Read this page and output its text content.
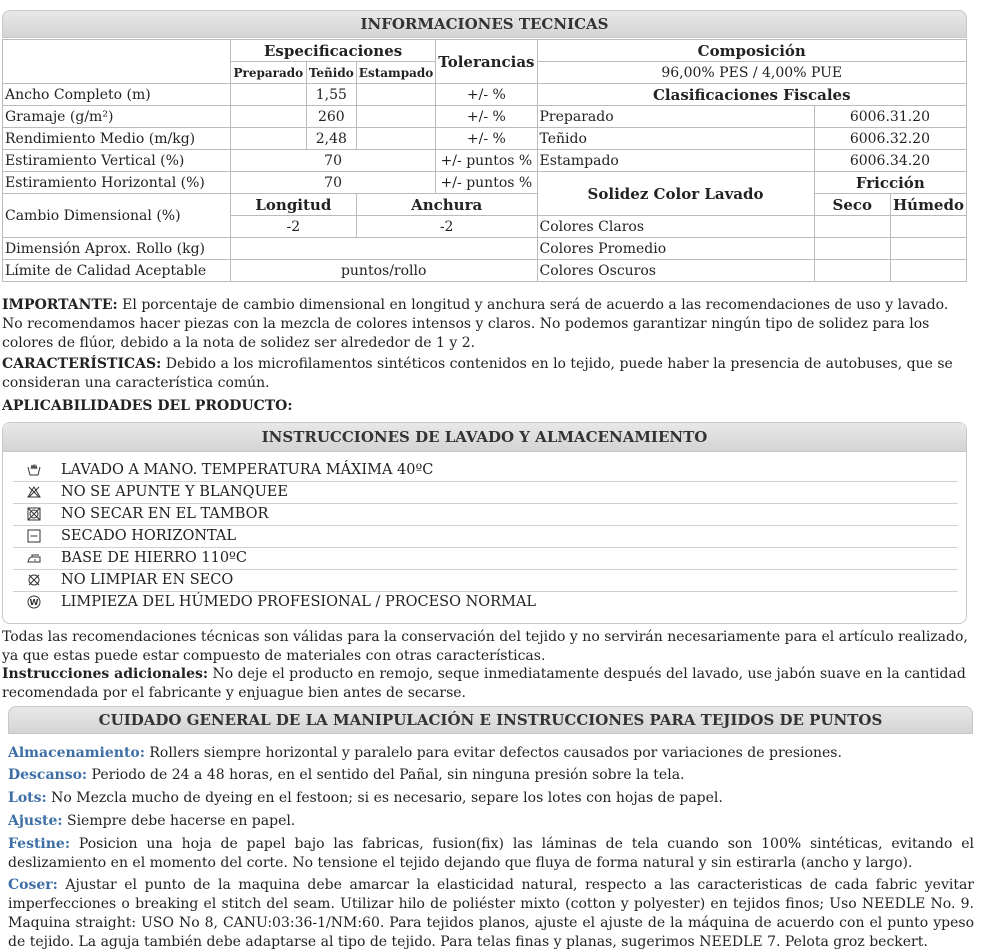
INFORMACIONES TECNICAS
	Especificaciones			Tolerancias	Composición		
	Preparado	Teñido	Estampado		96,00% PES / 4,00% PUE		
Ancho Completo (m)		1,55		+/- %	Clasificaciones Fiscales		
Gramaje (g/m²)		260		+/- %	Preparado	6006.31.20	
Rendimiento Medio (m/kg)		2,48		+/- %	Teñido	6006.32.20	
Estiramiento Vertical (%)	70			+/- puntos %	Estampado	6006.34.20	
Estiramiento Horizontal (%)	70			+/- puntos %	Solidez Color Lavado	Fricción	
Cambio Dimensional (%)	Longitud		Anchura			Seco	Húmedo
	-2		-2		Colores Claros		
Dimensión Aprox. Rollo (kg)					Colores Promedio		
Límite de Calidad Aceptable	puntos/rollo				Colores Oscuros		
IMPORTANTE: El porcentaje de cambio dimensional en longitud y anchura será de acuerdo a las recomendaciones de uso y lavado. No recomendamos hacer piezas con la mezcla de colores intensos y claros. No podemos garantizar ningún tipo de solidez para los colores de flúor, debido a la nota de solidez ser alrededor de 1 y 2.
CARACTERÍSTICAS: Debido a los microfilamentos sintéticos contenidos en lo tejido, puede haber la presencia de autobuses, que se consideran una característica común.
APLICABILIDADES DEL PRODUCTO:
INSTRUCCIONES DE LAVADO Y ALMACENAMIENTO
LAVADO A MANO. TEMPERATURA MÁXIMA 40ºC
NO SE APUNTE Y BLANQUEE
NO SECAR EN EL TAMBOR
SECADO HORIZONTAL
BASE DE HIERRO 110ºC
NO LIMPIAR EN SECO
W LIMPIEZA DEL HÚMEDO PROFESIONAL / PROCESO NORMAL
Todas las recomendaciones técnicas son válidas para la conservación del tejido y no servirán necesariamente para el artículo realizado, ya que estas puede estar compuesto de materiales con otras características.
Instrucciones adicionales: No deje el producto en remojo, seque inmediatamente después del lavado, use jabón suave en la cantidad recomendada por el fabricante y enjuague bien antes de secarse.
CUIDADO GENERAL DE LA MANIPULACIÓN E INSTRUCCIONES PARA TEJIDOS DE PUNTOS
Almacenamiento: Rollers siempre horizontal y paralelo para evitar defectos causados por variaciones de presiones.
Descanso: Periodo de 24 a 48 horas, en el sentido del Pañal, sin ninguna presión sobre la tela.
Lots: No Mezcla mucho de dyeing en el festoon; si es necesario, separe los lotes con hojas de papel.
Ajuste: Siempre debe hacerse en papel.
Festine: Posicion una hoja de papel bajo las fabricas, fusion(fix) las láminas de tela cuando son 100% sintéticas, evitando el deslizamiento en el momento del corte. No tensione el tejido dejando que fluya de forma natural y sin estirarla (ancho y largo).
Coser: Ajustar el punto de la maquina debe amarcar la elasticidad natural, respecto a las caracteristicas de cada fabric yevitar imperfecciones o breaking el stitch del seam. Utilizar hilo de poliéster mixto (cotton y polyester) en tejidos finos; Uso NEEDLE No. 9. Maquina straight: USO No 8, CANU:03:36-1/NM:60. Para tejidos planos, ajuste el ajuste de la máquina de acuerdo con el punto ypeso de tejido. La aguja también debe adaptarse al tipo de tejido. Para telas finas y planas, sugerimos NEEDLE 7. Pelota groz beckert.
